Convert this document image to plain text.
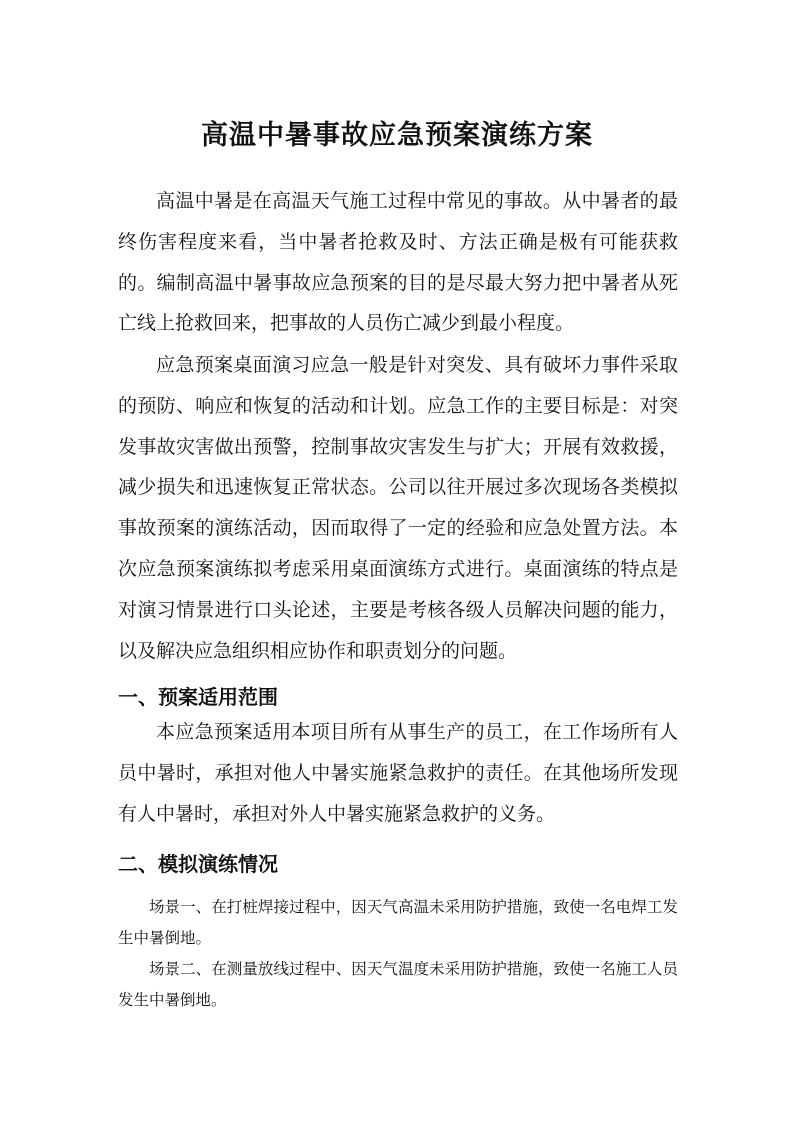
高温中暑事故应急预案演练方案

高温中暑是在高温天气施工过程中常见的事故。从中暑者的最终伤害程度来看，当中暑者抢救及时、方法正确是极有可能获救的。编制高温中暑事故应急预案的目的是尽最大努力把中暑者从死亡线上抢救回来，把事故的人员伤亡减少到最小程度。

应急预案桌面演习应急一般是针对突发、具有破坏力事件采取的预防、响应和恢复的活动和计划。应急工作的主要目标是：对突发事故灾害做出预警，控制事故灾害发生与扩大；开展有效救援，减少损失和迅速恢复正常状态。公司以往开展过多次现场各类模拟事故预案的演练活动，因而取得了一定的经验和应急处置方法。本次应急预案演练拟考虑采用桌面演练方式进行。桌面演练的特点是对演习情景进行口头论述，主要是考核各级人员解决问题的能力，以及解决应急组织相应协作和职责划分的问题。

一、预案适用范围

本应急预案适用本项目所有从事生产的员工，在工作场所有人员中暑时，承担对他人中暑实施紧急救护的责任。在其他场所发现有人中暑时，承担对外人中暑实施紧急救护的义务。

二、模拟演练情况

场景一、在打桩焊接过程中，因天气高温未采用防护措施，致使一名电焊工发生中暑倒地。

场景二、在测量放线过程中、因天气温度未采用防护措施，致使一名施工人员发生中暑倒地。
